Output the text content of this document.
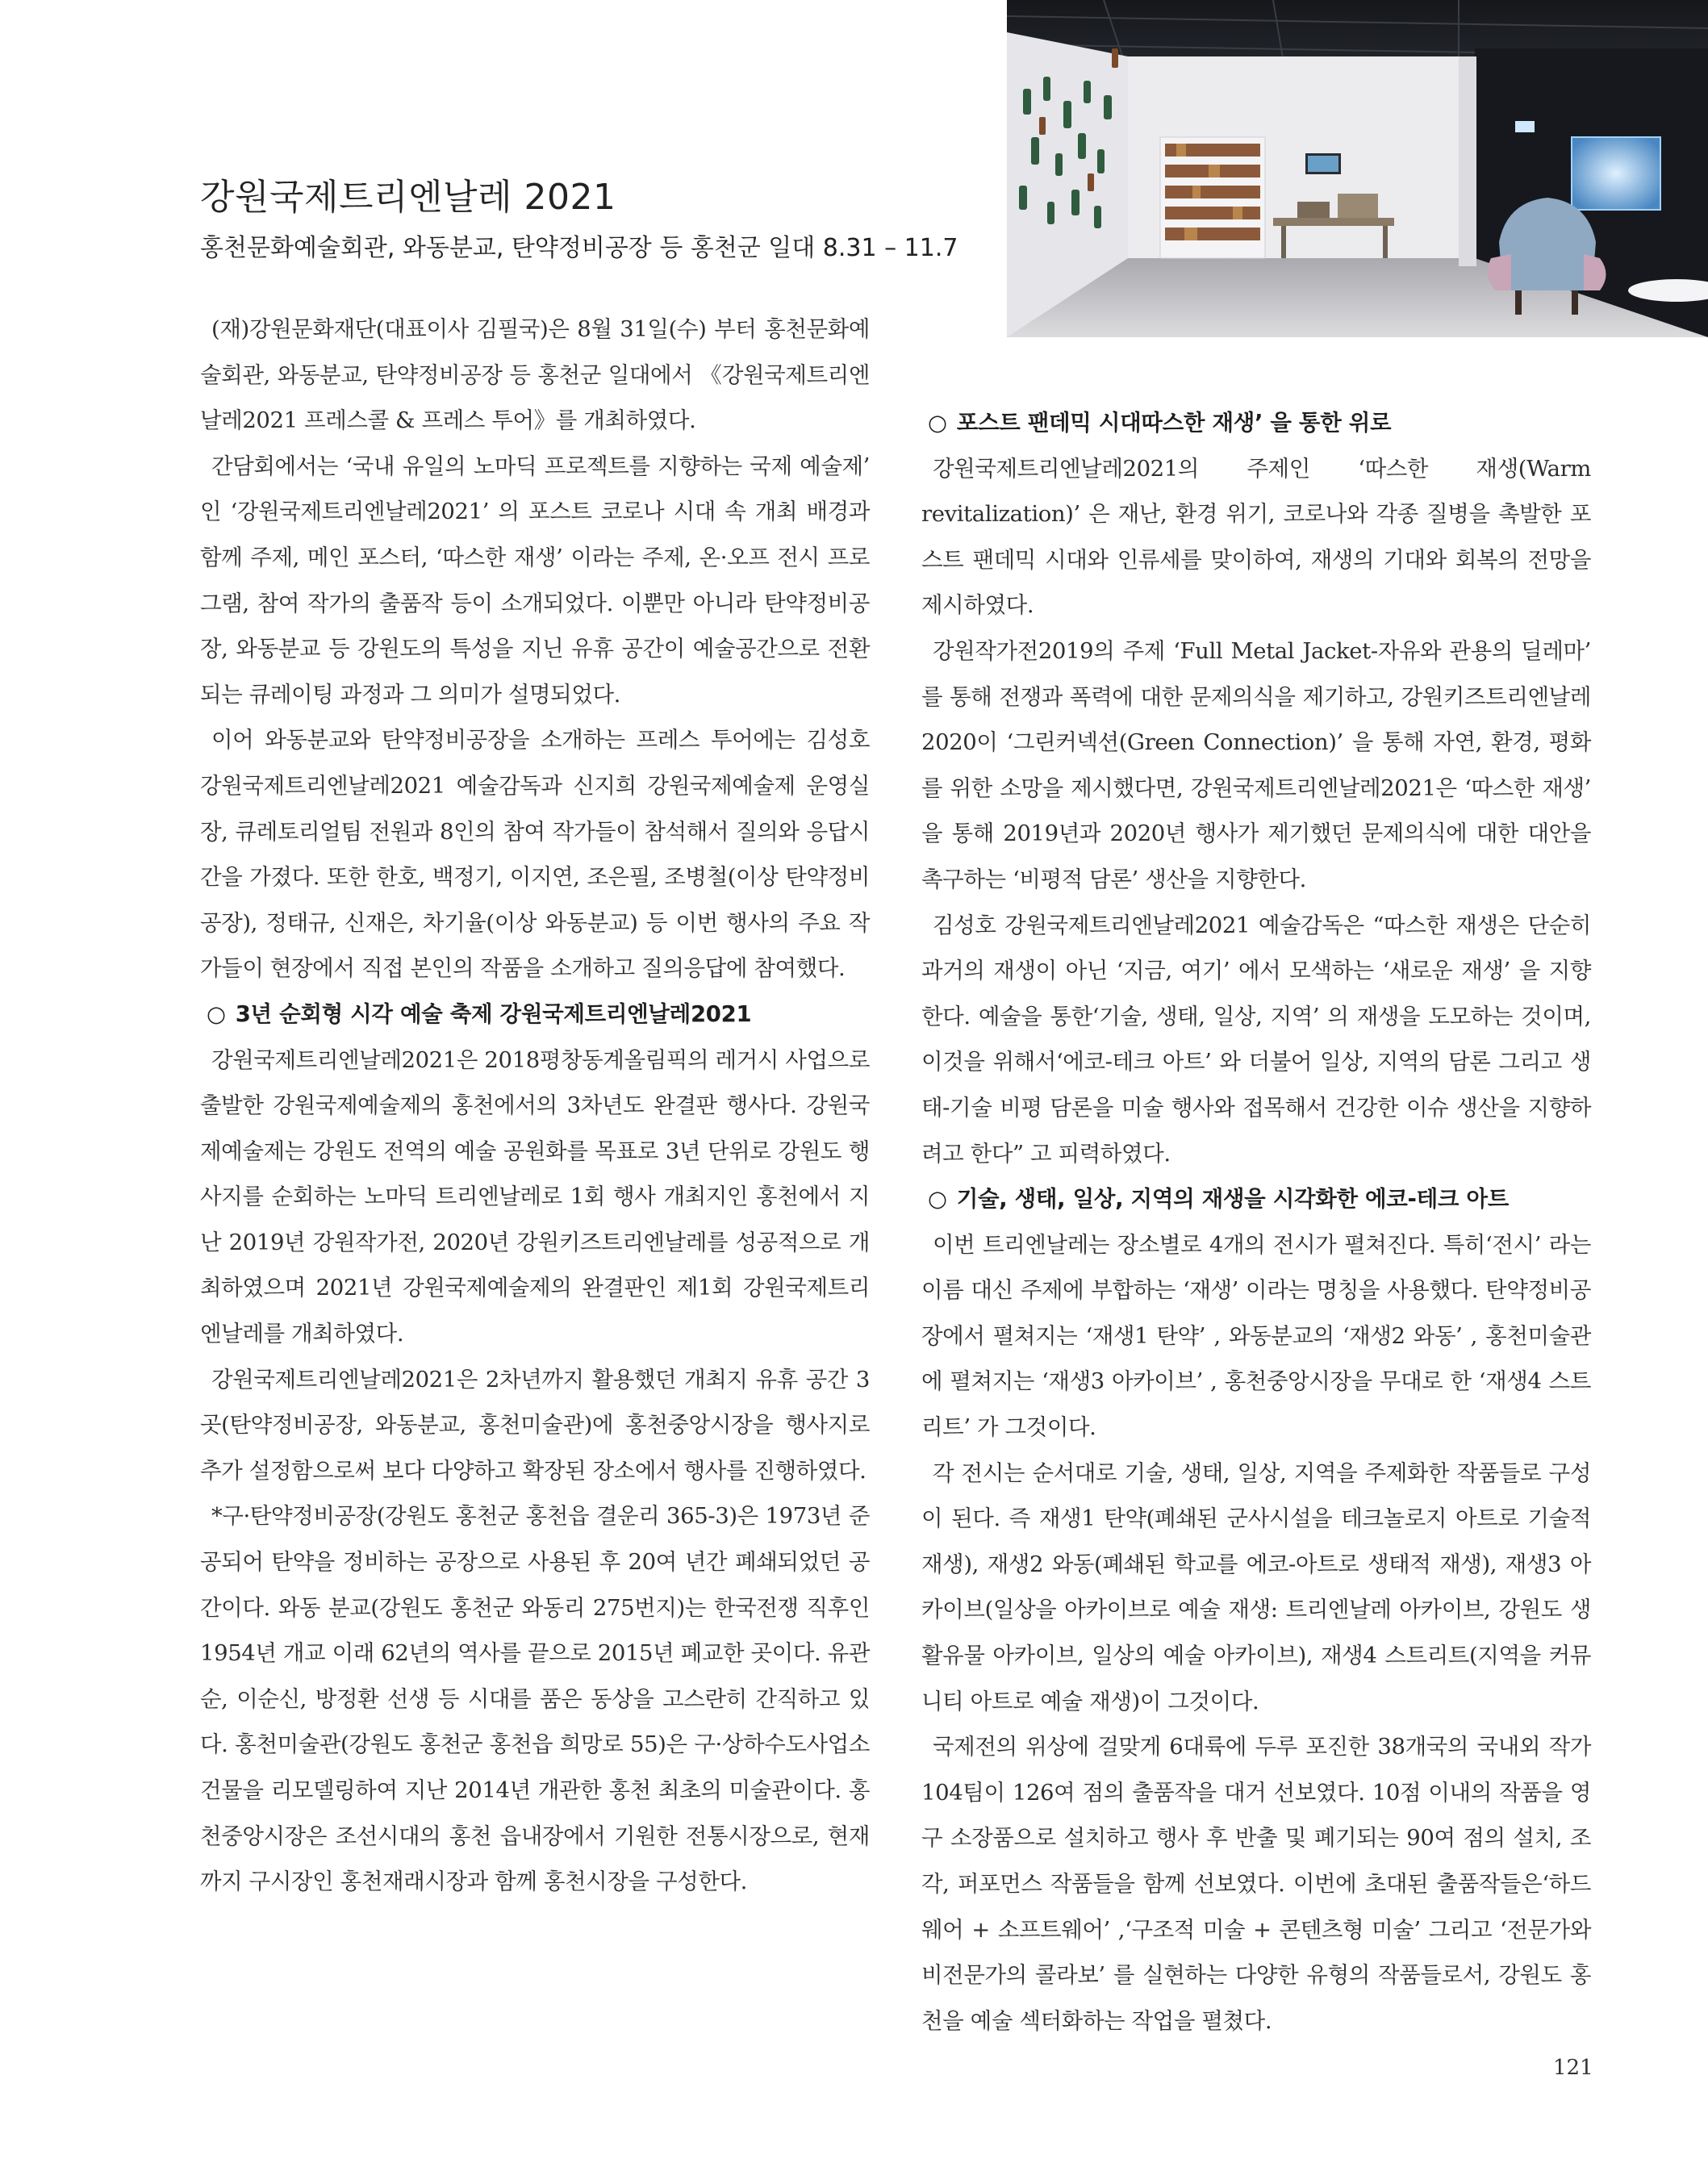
강원국제트리엔날레 2021
홍천문화예술회관, 와동분교, 탄약정비공장 등 홍천군 일대 8.31 – 11.7

(재)강원문화재단(대표이사 김필국)은 8월 31일(수) 부터 홍천문화예술회관, 와동분교, 탄약정비공장 등 홍천군 일대에서 《강원국제트리엔날레2021 프레스콜 & 프레스 투어》를 개최하였다.

간담회에서는 ‘국내 유일의 노마딕 프로젝트를 지향하는 국제 예술제’ 인 ‘강원국제트리엔날레2021’ 의 포스트 코로나 시대 속 개최 배경과 함께 주제, 메인 포스터, ‘따스한 재생’ 이라는 주제, 온·오프 전시 프로그램, 참여 작가의 출품작 등이 소개되었다. 이뿐만 아니라 탄약정비공장, 와동분교 등 강원도의 특성을 지닌 유휴 공간이 예술공간으로 전환되는 큐레이팅 과정과 그 의미가 설명되었다.

이어 와동분교와 탄약정비공장을 소개하는 프레스 투어에는 김성호 강원국제트리엔날레2021 예술감독과 신지희 강원국제예술제 운영실장, 큐레토리얼팀 전원과 8인의 참여 작가들이 참석해서 질의와 응답시간을 가졌다. 또한 한호, 백정기, 이지연, 조은필, 조병철(이상 탄약정비공장), 정태규, 신재은, 차기율(이상 와동분교) 등 이번 행사의 주요 작가들이 현장에서 직접 본인의 작품을 소개하고 질의응답에 참여했다.

○ 3년 순회형 시각 예술 축제 강원국제트리엔날레2021

강원국제트리엔날레2021은 2018평창동계올림픽의 레거시 사업으로 출발한 강원국제예술제의 홍천에서의 3차년도 완결판 행사다. 강원국제예술제는 강원도 전역의 예술 공원화를 목표로 3년 단위로 강원도 행사지를 순회하는 노마딕 트리엔날레로 1회 행사 개최지인 홍천에서 지난 2019년 강원작가전, 2020년 강원키즈트리엔날레를 성공적으로 개최하였으며 2021년 강원국제예술제의 완결판인 제1회 강원국제트리엔날레를 개최하였다.

강원국제트리엔날레2021은 2차년까지 활용했던 개최지 유휴 공간 3곳(탄약정비공장, 와동분교, 홍천미술관)에 홍천중앙시장을 행사지로 추가 설정함으로써 보다 다양하고 확장된 장소에서 행사를 진행하였다.

*구·탄약정비공장(강원도 홍천군 홍천읍 결운리 365-3)은 1973년 준공되어 탄약을 정비하는 공장으로 사용된 후 20여 년간 폐쇄되었던 공간이다. 와동 분교(강원도 홍천군 와동리 275번지)는 한국전쟁 직후인 1954년 개교 이래 62년의 역사를 끝으로 2015년 폐교한 곳이다. 유관순, 이순신, 방정환 선생 등 시대를 품은 동상을 고스란히 간직하고 있다. 홍천미술관(강원도 홍천군 홍천읍 희망로 55)은 구·상하수도사업소 건물을 리모델링하여 지난 2014년 개관한 홍천 최초의 미술관이다. 홍천중앙시장은 조선시대의 홍천 읍내장에서 기원한 전통시장으로, 현재까지 구시장인 홍천재래시장과 함께 홍천시장을 구성한다.

○ 포스트 팬데믹 시대따스한 재생’ 을 통한 위로

강원국제트리엔날레2021의 주제인 ‘따스한 재생(Warm revitalization)’ 은 재난, 환경 위기, 코로나와 각종 질병을 촉발한 포스트 팬데믹 시대와 인류세를 맞이하여, 재생의 기대와 회복의 전망을 제시하였다.

강원작가전2019의 주제 ‘Full Metal Jacket-자유와 관용의 딜레마’ 를 통해 전쟁과 폭력에 대한 문제의식을 제기하고, 강원키즈트리엔날레2020이 ‘그린커넥션(Green Connection)’ 을 통해 자연, 환경, 평화를 위한 소망을 제시했다면, 강원국제트리엔날레2021은 ‘따스한 재생’ 을 통해 2019년과 2020년 행사가 제기했던 문제의식에 대한 대안을 촉구하는 ‘비평적 담론’ 생산을 지향한다.

김성호 강원국제트리엔날레2021 예술감독은 “따스한 재생은 단순히 과거의 재생이 아닌 ‘지금, 여기’ 에서 모색하는 ‘새로운 재생’ 을 지향한다. 예술을 통한‘기술, 생태, 일상, 지역’ 의 재생을 도모하는 것이며, 이것을 위해서‘에코-테크 아트’ 와 더불어 일상, 지역의 담론 그리고 생태-기술 비평 담론을 미술 행사와 접목해서 건강한 이슈 생산을 지향하려고 한다” 고 피력하였다.

○ 기술, 생태, 일상, 지역의 재생을 시각화한 에코-테크 아트

이번 트리엔날레는 장소별로 4개의 전시가 펼쳐진다. 특히‘전시’ 라는 이름 대신 주제에 부합하는 ‘재생’ 이라는 명칭을 사용했다. 탄약정비공장에서 펼쳐지는 ‘재생1 탄약’ , 와동분교의 ‘재생2 와동’ , 홍천미술관에 펼쳐지는 ‘재생3 아카이브’ , 홍천중앙시장을 무대로 한 ‘재생4 스트리트’ 가 그것이다.

각 전시는 순서대로 기술, 생태, 일상, 지역을 주제화한 작품들로 구성이 된다. 즉 재생1 탄약(폐쇄된 군사시설을 테크놀로지 아트로 기술적 재생), 재생2 와동(폐쇄된 학교를 에코-아트로 생태적 재생), 재생3 아카이브(일상을 아카이브로 예술 재생: 트리엔날레 아카이브, 강원도 생활유물 아카이브, 일상의 예술 아카이브), 재생4 스트리트(지역을 커뮤니티 아트로 예술 재생)이 그것이다.

국제전의 위상에 걸맞게 6대륙에 두루 포진한 38개국의 국내외 작가 104팀이 126여 점의 출품작을 대거 선보였다. 10점 이내의 작품을 영구 소장품으로 설치하고 행사 후 반출 및 폐기되는 90여 점의 설치, 조각, 퍼포먼스 작품들을 함께 선보였다. 이번에 초대된 출품작들은‘하드웨어 + 소프트웨어’ ,‘구조적 미술 + 콘텐츠형 미술’ 그리고 ‘전문가와 비전문가의 콜라보’ 를 실현하는 다양한 유형의 작품들로서, 강원도 홍천을 예술 섹터화하는 작업을 펼쳤다.

121
